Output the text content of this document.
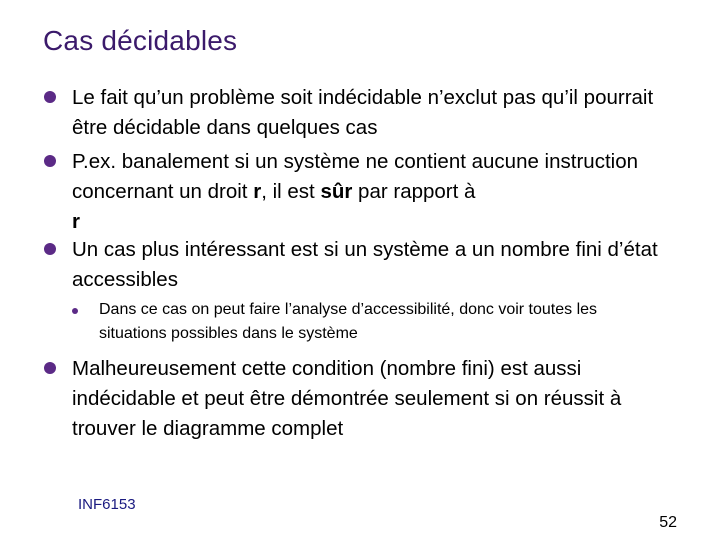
Cas décidables

Le fait qu’un problème soit indécidable n’exclut pas qu’il pourrait être décidable dans quelques cas

P.ex. banalement si un système ne contient aucune instruction concernant un droit r, il est sûr par rapport à
r

Un cas plus intéressant est si un système a un nombre fini d’état accessibles

Dans ce cas on peut faire l’analyse d’accessibilité, donc voir toutes les situations possibles dans le système

Malheureusement cette condition (nombre fini) est aussi indécidable et peut être démontrée seulement si on réussit à trouver le diagramme complet

INF6153
52
